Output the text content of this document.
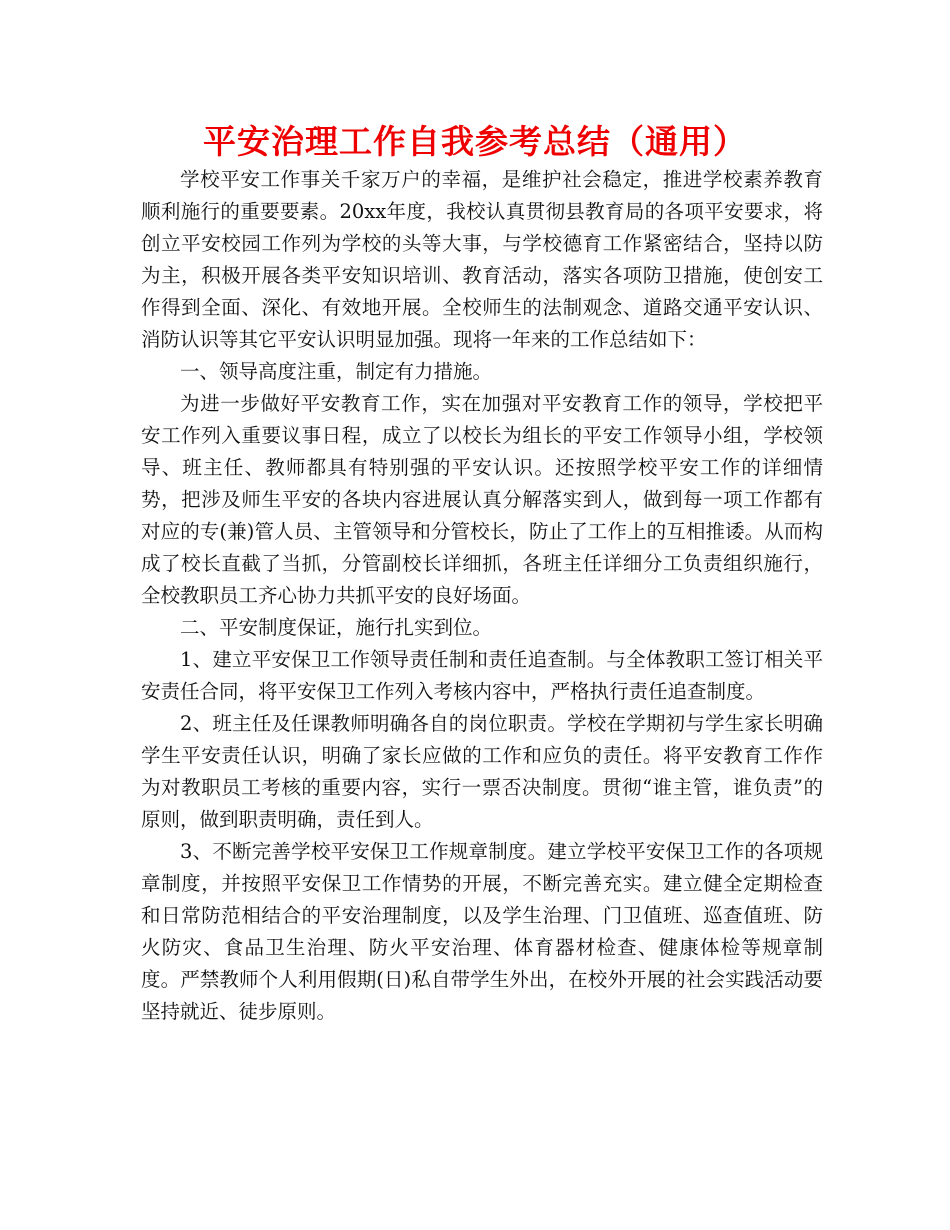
平安治理工作自我参考总结（通用）

学校平安工作事关千家万户的幸福，是维护社会稳定，推进学校素养教育顺利施行的重要要素。20xx年度，我校认真贯彻县教育局的各项平安要求，将创立平安校园工作列为学校的头等大事，与学校德育工作紧密结合，坚持以防为主，积极开展各类平安知识培训、教育活动，落实各项防卫措施，使创安工作得到全面、深化、有效地开展。全校师生的法制观念、道路交通平安认识、消防认识等其它平安认识明显加强。现将一年来的工作总结如下：

一、领导高度注重，制定有力措施。

为进一步做好平安教育工作，实在加强对平安教育工作的领导，学校把平安工作列入重要议事日程，成立了以校长为组长的平安工作领导小组，学校领导、班主任、教师都具有特别强的平安认识。还按照学校平安工作的详细情势，把涉及师生平安的各块内容进展认真分解落实到人，做到每一项工作都有对应的专(兼)管人员、主管领导和分管校长，防止了工作上的互相推诿。从而构成了校长直截了当抓，分管副校长详细抓，各班主任详细分工负责组织施行，全校教职员工齐心协力共抓平安的良好场面。

二、平安制度保证，施行扎实到位。

1、建立平安保卫工作领导责任制和责任追查制。与全体教职工签订相关平安责任合同，将平安保卫工作列入考核内容中，严格执行责任追查制度。

2、班主任及任课教师明确各自的岗位职责。学校在学期初与学生家长明确学生平安责任认识，明确了家长应做的工作和应负的责任。将平安教育工作作为对教职员工考核的重要内容，实行一票否决制度。贯彻“谁主管，谁负责”的原则，做到职责明确，责任到人。

3、不断完善学校平安保卫工作规章制度。建立学校平安保卫工作的各项规章制度，并按照平安保卫工作情势的开展，不断完善充实。建立健全定期检查和日常防范相结合的平安治理制度，以及学生治理、门卫值班、巡查值班、防火防灾、食品卫生治理、防火平安治理、体育器材检查、健康体检等规章制度。严禁教师个人利用假期(日)私自带学生外出，在校外开展的社会实践活动要坚持就近、徒步原则。
